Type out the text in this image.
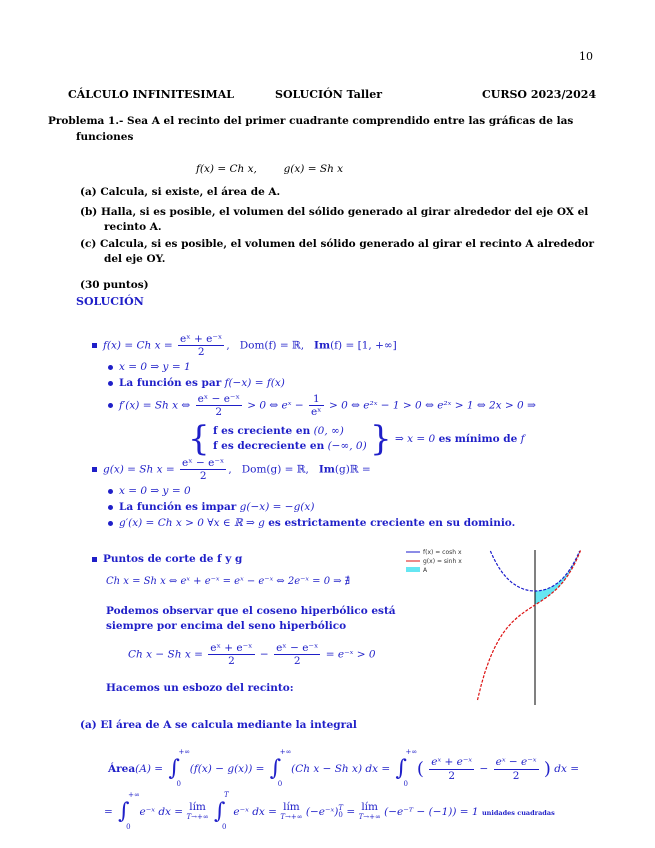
10
CÁLCULO INFINITESIMAL	SOLUCIÓN Taller	CURSO 2023/2024
Problema 1.- Sea A el recinto del primer cuadrante comprendido entre las gráficas de las
funciones
f(x) = Ch x,        g(x) = Sh x
(a) Calcula, si existe, el área de A.
(b) Halla, si es posible, el volumen del sólido generado al girar alrededor del eje OX el
recinto A.
(c) Calcula, si es posible, el volumen del sólido generado al girar el recinto A alrededor
del eje OY.
(30 puntos)
SOLUCIÓN
f(x) = Ch $x = \frac{\text{eˣ + e⁻ˣ}}{2}$ ,   Dom(f) = ℝ, Im(f) = [1, +∞]
x = 0 ⇒ y = 1
La función es par f(−x) = f(x)
f′(x) = Sh x ⇔ $\frac{\text{eˣ − e⁻ˣ}}{2} > 0$ ⇔ eˣ − $\frac{1}{\text{eˣ}} > 0$ ⇔ e²ˣ − 1 > 0 ⇔ e²ˣ > 1 ⇔ 2x > 0 ⇒
{ f es creciente en (0, ∞)
f es decreciente en (−∞, 0) } ⇒ x = 0 es mínimo de f
g(x) = Sh $x = \frac{\text{eˣ − e⁻ˣ}}{2}$ ,   Dom(g) = ℝ, Im(g)ℝ =
x = 0 ⇒ y = 0
La función es impar g(−x) = −g(x)
g′(x) = Ch x > 0 ∀x ∈ ℝ ⇒ g es estrictamente creciente en su dominio.
Puntos de corte de f y g
Ch x = Sh x ⇔ eˣ + e⁻ˣ = eˣ − e⁻ˣ ⇔ 2e⁻ˣ = 0 ⇒ ∄
Podemos observar que el coseno hiperbólico está
siempre por encima del seno hiperbólico
Ch x − Sh $x = \frac{\text{eˣ + e⁻ˣ}}{2} - \frac{\text{eˣ − e⁻ˣ}}{2}$ = e⁻ˣ > 0
Hacemos un esbozo del recinto:
f(x) = cosh x
g(x) = sinh x
A
(a) El área de A se calcula mediante la integral
Área(A) = ∫
+∞
0
(f(x) − g(x)) = ∫
+∞
0
(Ch x − Sh x) dx = ∫
+∞
0
( $\frac{\text{eˣ + e⁻ˣ}}{2} - \frac{\text{eˣ − e⁻ˣ}}{2}$ ) dx =
= ∫
+∞
0
e⁻ˣ dx = lím
T→+∞
∫
T
0
e⁻ˣ dx = lím
T→+∞ (−e⁻ˣ) T
0 = lím
T→+∞ (−e⁻ᵀ − (−1)) = 1 unidades cuadradas
